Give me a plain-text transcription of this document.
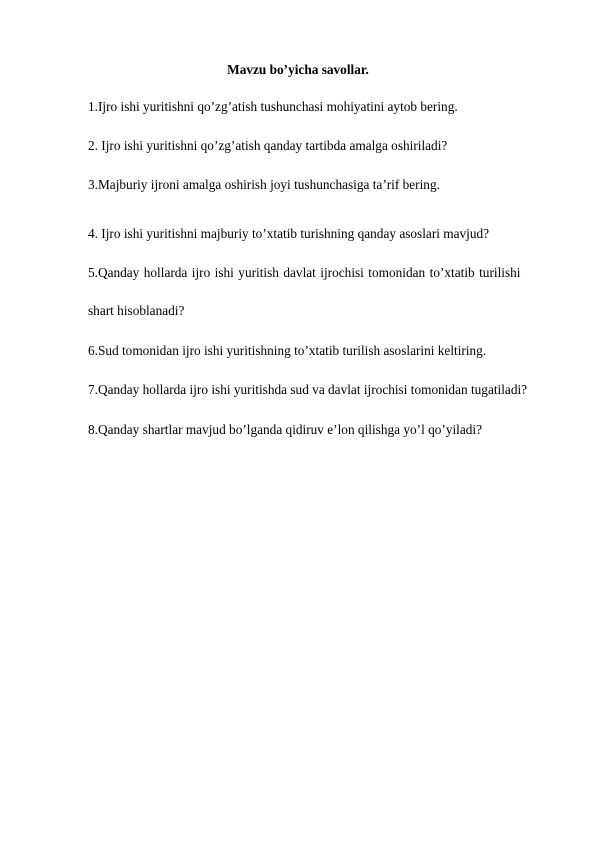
Mavzu bo’yicha savollar.
1.Ijro ishi yuritishni qo’zg’atish tushunchasi mohiyatini aytob bering.
2. Ijro ishi yuritishni qo’zg’atish qanday tartibda amalga oshiriladi?
3.Majburiy ijroni amalga oshirish joyi tushunchasiga ta’rif bering.
4. Ijro ishi yuritishni majburiy to’xtatib turishning qanday asoslari mavjud?
5.Qanday hollarda ijro ishi yuritish davlat ijrochisi tomonidan to’xtatib turilishi
shart hisoblanadi?
6.Sud tomonidan ijro ishi yuritishning to’xtatib turilish asoslarini keltiring.
7.Qanday hollarda ijro ishi yuritishda sud va davlat ijrochisi tomonidan tugatiladi?
8.Qanday shartlar mavjud bo’lganda qidiruv e’lon qilishga yo’l qo’yiladi?
